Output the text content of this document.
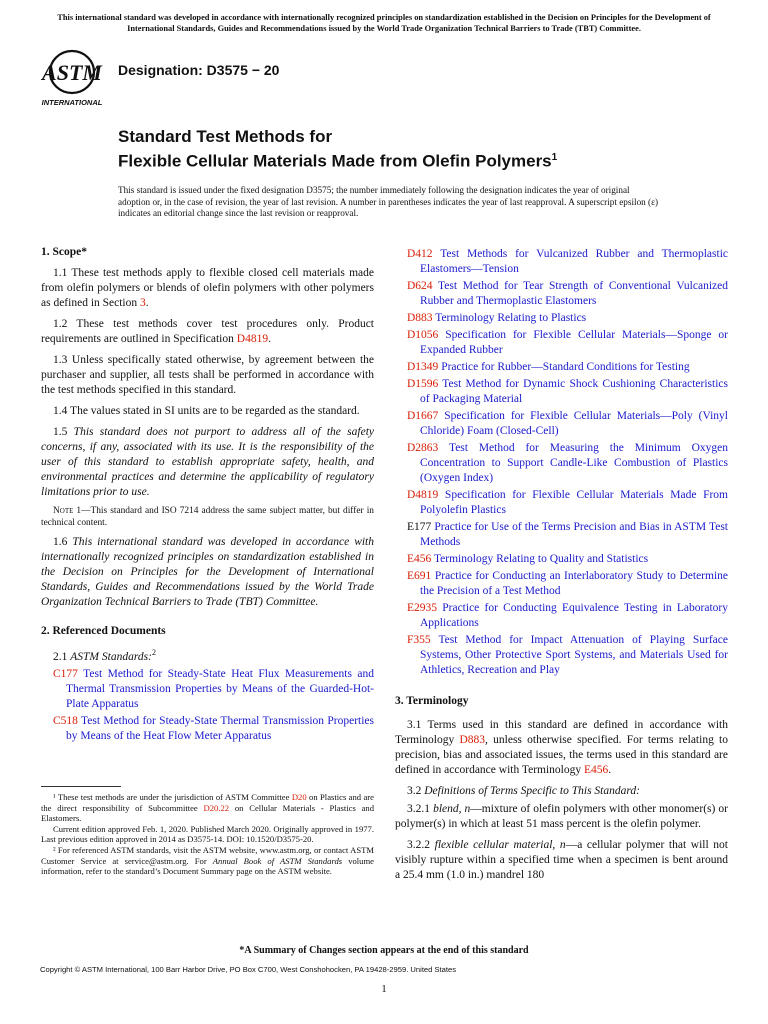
This international standard was developed in accordance with internationally recognized principles on standardization established in the Decision on Principles for the Development of International Standards, Guides and Recommendations issued by the World Trade Organization Technical Barriers to Trade (TBT) Committee.
ASTM
INTERNATIONAL
Designation: D3575 − 20
Standard Test Methods for
Flexible Cellular Materials Made from Olefin Polymers$^1$
This standard is issued under the fixed designation D3575; the number immediately following the designation indicates the year of original adoption or, in the case of revision, the year of last revision. A number in parentheses indicates the year of last reapproval. A superscript epsilon (ε) indicates an editorial change since the last revision or reapproval.
1. Scope*

1.1 These test methods apply to flexible closed cell materials made from olefin polymers or blends of olefin polymers with other polymers as defined in Section 3.

1.2 These test methods cover test procedures only. Product requirements are outlined in Specification D4819.

1.3 Unless specifically stated otherwise, by agreement between the purchaser and supplier, all tests shall be performed in accordance with the test methods specified in this standard.

1.4 The values stated in SI units are to be regarded as the standard.

1.5 This standard does not purport to address all of the safety concerns, if any, associated with its use. It is the responsibility of the user of this standard to establish appropriate safety, health, and environmental practices and determine the applicability of regulatory limitations prior to use.

Note 1—This standard and ISO 7214 address the same subject matter, but differ in technical content.

1.6 This international standard was developed in accordance with internationally recognized principles on standardization established in the Decision on Principles for the Development of International Standards, Guides and Recommendations issued by the World Trade Organization Technical Barriers to Trade (TBT) Committee.

2. Referenced Documents

2.1 ASTM Standards:$^2$

C177 Test Method for Steady-State Heat Flux Measurements and Thermal Transmission Properties by Means of the Guarded-Hot-Plate Apparatus
C518 Test Method for Steady-State Thermal Transmission Properties by Means of the Heat Flow Meter Apparatus
D412 Test Methods for Vulcanized Rubber and Thermoplastic Elastomers—Tension
D624 Test Method for Tear Strength of Conventional Vulcanized Rubber and Thermoplastic Elastomers
D883 Terminology Relating to Plastics
D1056 Specification for Flexible Cellular Materials—Sponge or Expanded Rubber
D1349 Practice for Rubber—Standard Conditions for Testing
D1596 Test Method for Dynamic Shock Cushioning Characteristics of Packaging Material
D1667 Specification for Flexible Cellular Materials—Poly (Vinyl Chloride) Foam (Closed-Cell)
D2863 Test Method for Measuring the Minimum Oxygen Concentration to Support Candle-Like Combustion of Plastics (Oxygen Index)
D4819 Specification for Flexible Cellular Materials Made From Polyolefin Plastics
E177 Practice for Use of the Terms Precision and Bias in ASTM Test Methods
E456 Terminology Relating to Quality and Statistics
E691 Practice for Conducting an Interlaboratory Study to Determine the Precision of a Test Method
E2935 Practice for Conducting Equivalence Testing in Laboratory Applications
F355 Test Method for Impact Attenuation of Playing Surface Systems, Other Protective Sport Systems, and Materials Used for Athletics, Recreation and Play
3. Terminology

3.1 Terms used in this standard are defined in accordance with Terminology D883, unless otherwise specified. For terms relating to precision, bias and associated issues, the terms used in this standard are defined in accordance with Terminology E456.

3.2 Definitions of Terms Specific to This Standard:

3.2.1 blend, n—mixture of olefin polymers with other monomer(s) or polymer(s) in which at least 51 mass percent is the olefin polymer.

3.2.2 flexible cellular material, n—a cellular polymer that will not visibly rupture within a specified time when a specimen is bent around a 25.4 mm (1.0 in.) mandrel 180

¹ These test methods are under the jurisdiction of ASTM Committee D20 on Plastics and are the direct responsibility of Subcommittee D20.22 on Cellular Materials - Plastics and Elastomers.

Current edition approved Feb. 1, 2020. Published March 2020. Originally approved in 1977. Last previous edition approved in 2014 as D3575-14. DOI: 10.1520/D3575-20.

² For referenced ASTM standards, visit the ASTM website, www.astm.org, or contact ASTM Customer Service at service@astm.org. For Annual Book of ASTM Standards volume information, refer to the standard’s Document Summary page on the ASTM website.

*A Summary of Changes section appears at the end of this standard
Copyright © ASTM International, 100 Barr Harbor Drive, PO Box C700, West Conshohocken, PA 19428-2959. United States
1
